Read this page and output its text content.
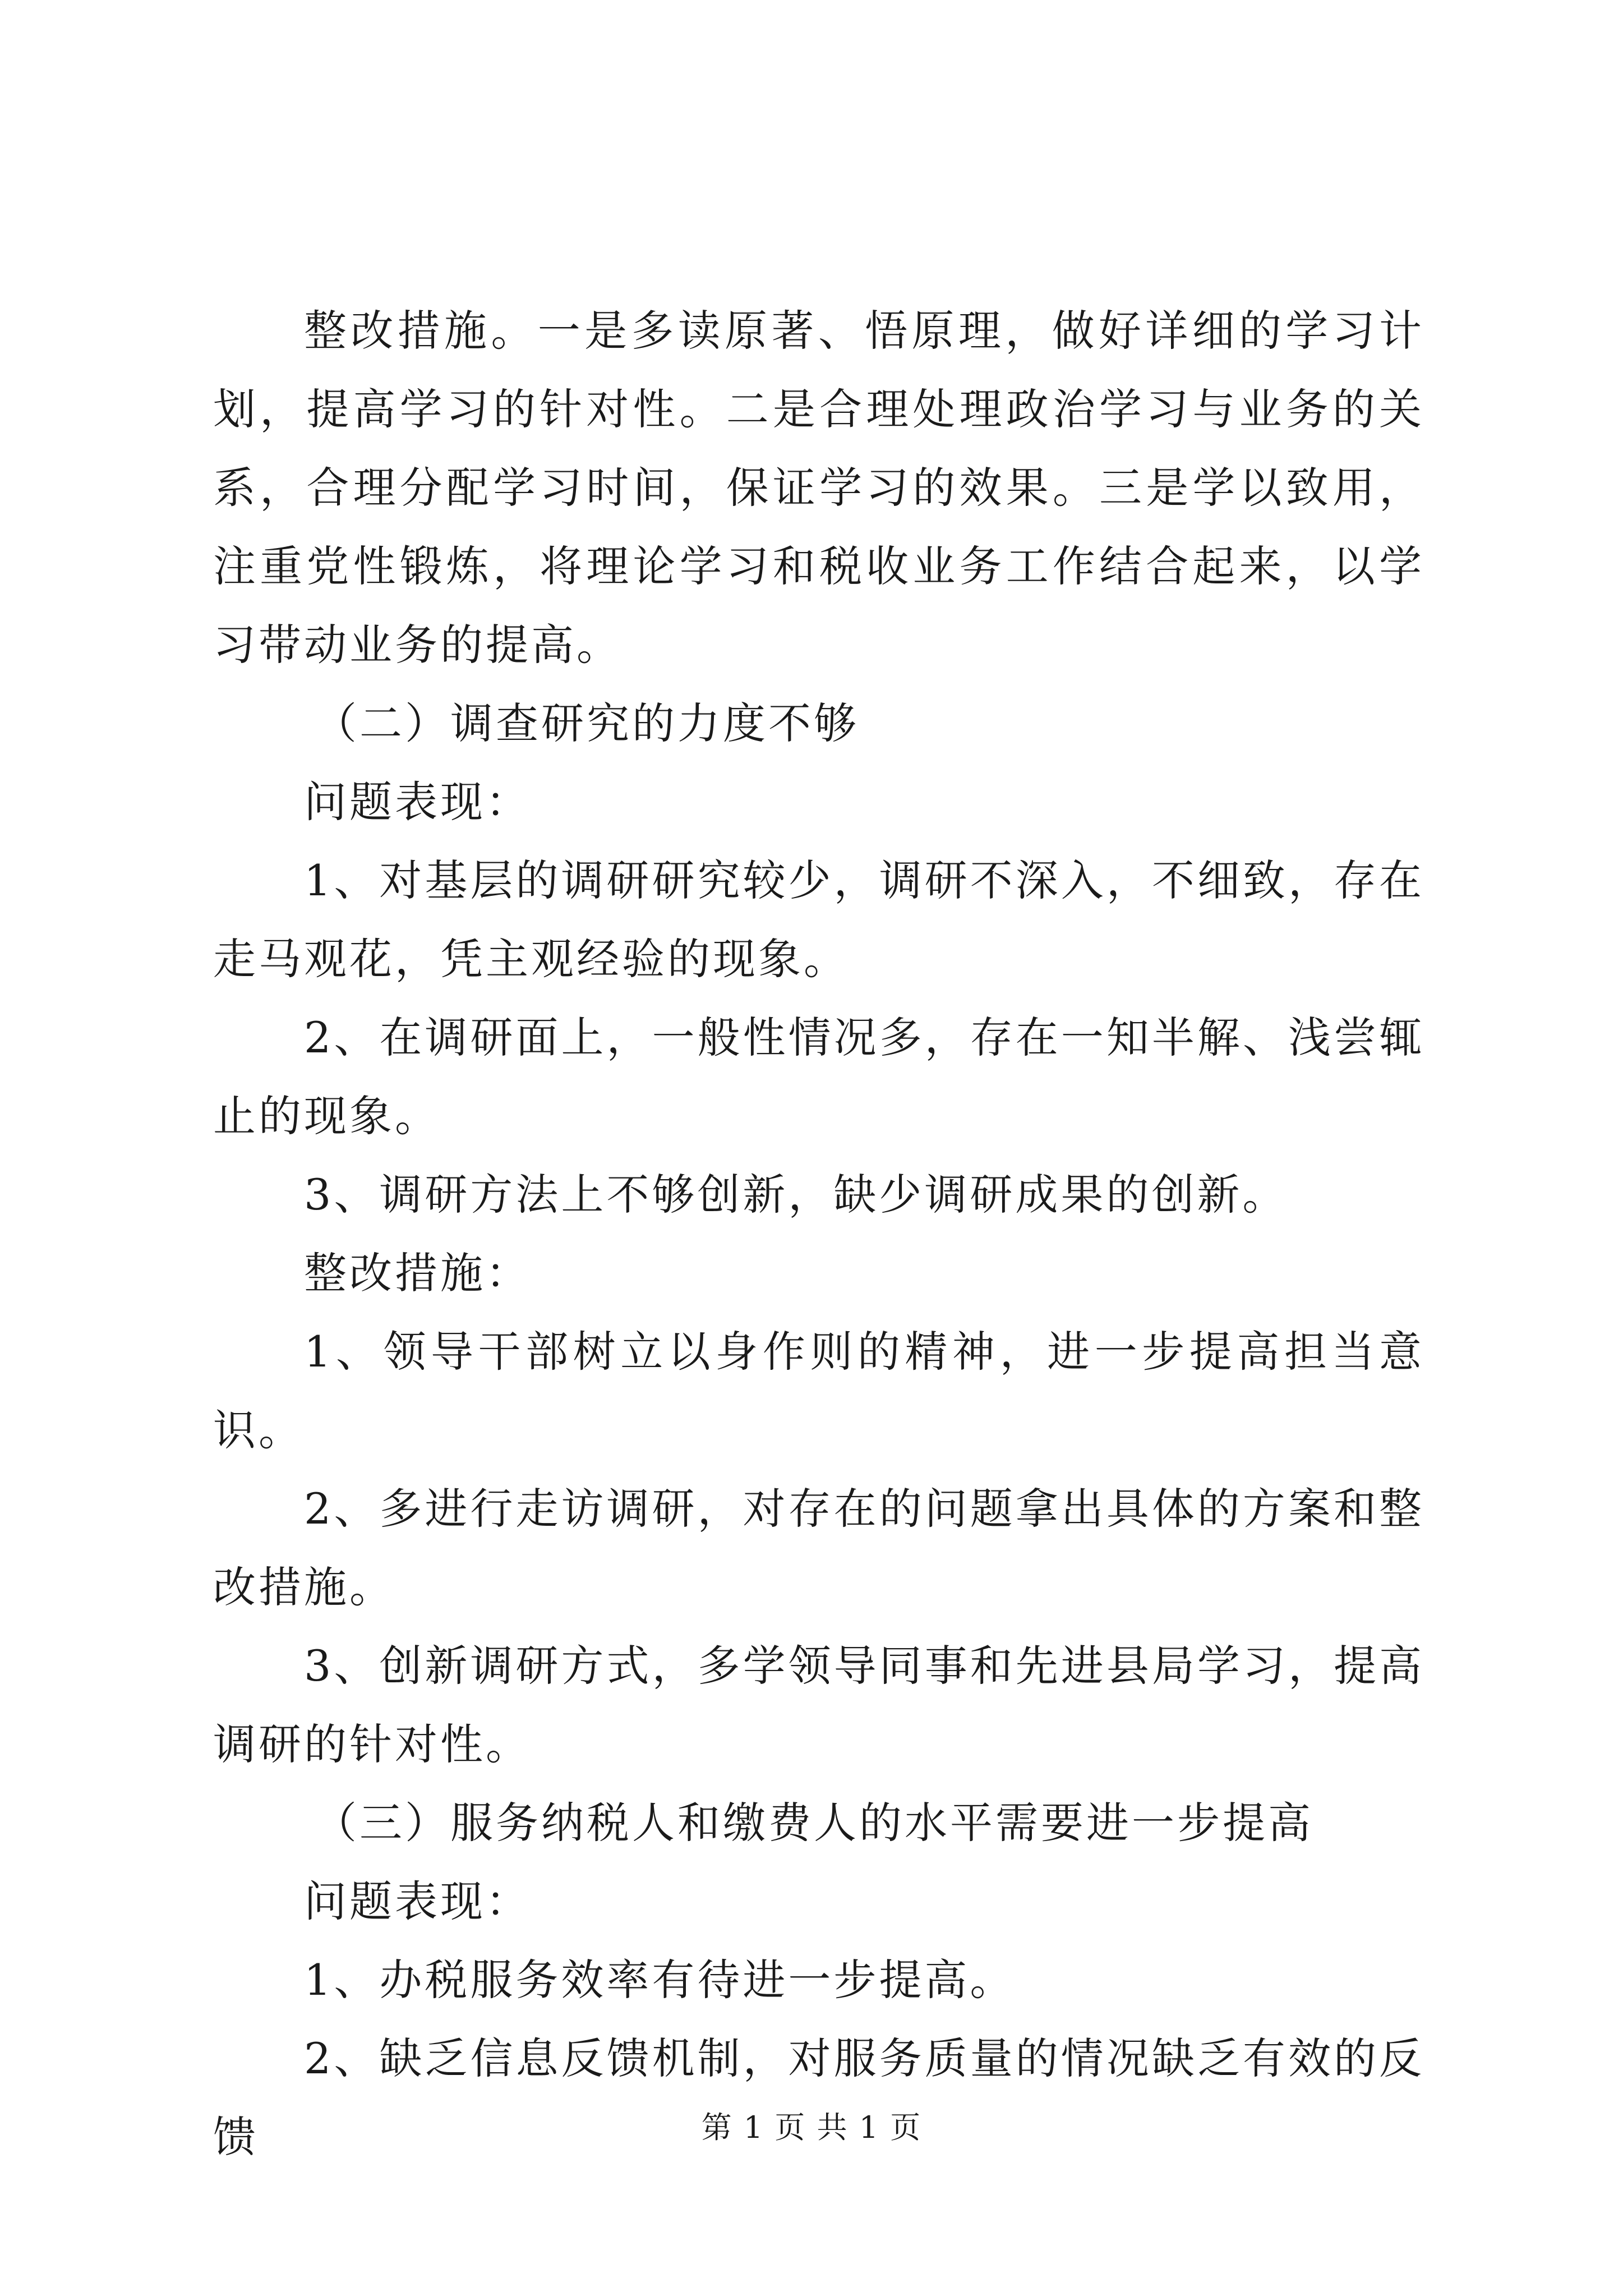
整改措施。一是多读原著、悟原理，做好详细的学习计划，提高学习的针对性。二是合理处理政治学习与业务的关系，合理分配学习时间，保证学习的效果。三是学以致用，注重党性锻炼，将理论学习和税收业务工作结合起来，以学习带动业务的提高。

（二）调查研究的力度不够

问题表现：

1、对基层的调研研究较少，调研不深入，不细致，存在走马观花，凭主观经验的现象。

2、在调研面上，一般性情况多，存在一知半解、浅尝辄止的现象。

3、调研方法上不够创新，缺少调研成果的创新。

整改措施：

1、领导干部树立以身作则的精神，进一步提高担当意识。

2、多进行走访调研，对存在的问题拿出具体的方案和整改措施。

3、创新调研方式，多学领导同事和先进县局学习，提高调研的针对性。

（三）服务纳税人和缴费人的水平需要进一步提高

问题表现：

1、办税服务效率有待进一步提高。

2、缺乏信息反馈机制，对服务质量的情况缺乏有效的反馈	第 1 页 共 1 页
